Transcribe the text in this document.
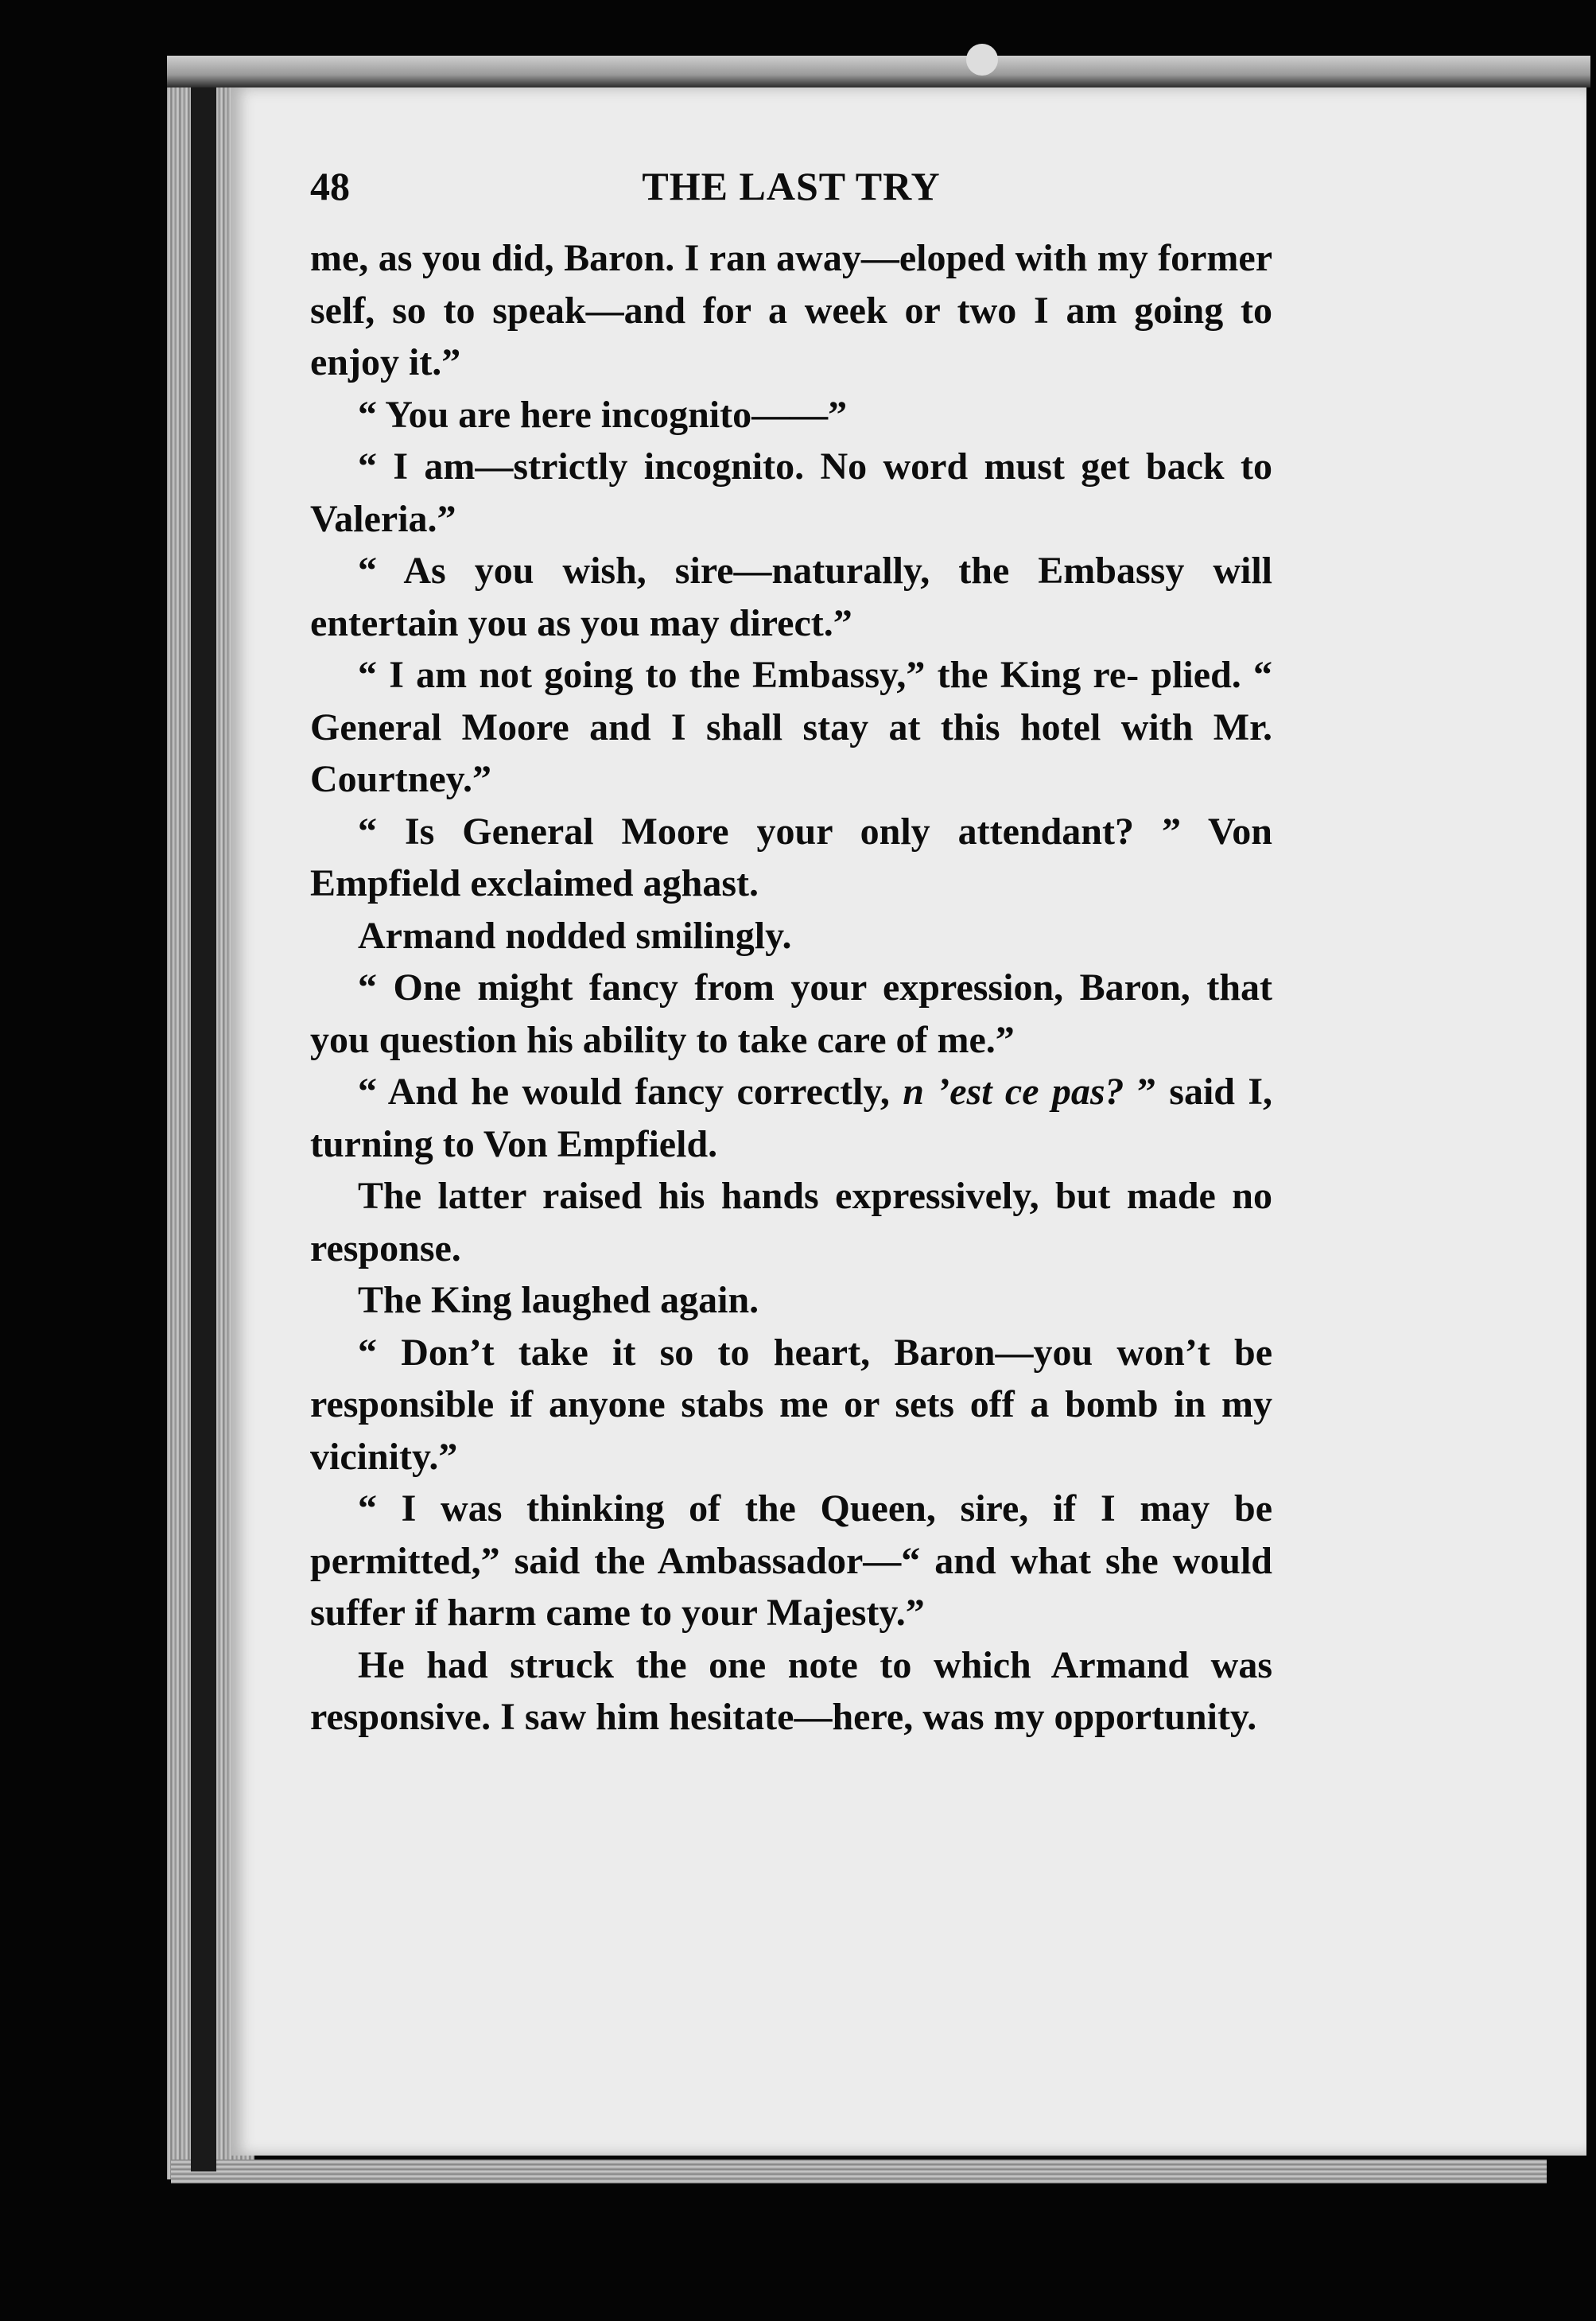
48	THE LAST TRY

me, as you did, Baron. I ran away—eloped with my former self, so to speak—and for a week or two I am going to enjoy it.”

“ You are here incognito——”

“ I am—strictly incognito. No word must get back to Valeria.”

“ As you wish, sire—naturally, the Embassy will entertain you as you may direct.”

“ I am not going to the Embassy,” the King re- plied. “ General Moore and I shall stay at this hotel with Mr. Courtney.”

“ Is General Moore your only attendant? ” Von Empfield exclaimed aghast.

Armand nodded smilingly.

“ One might fancy from your expression, Baron, that you question his ability to take care of me.”

“ And he would fancy correctly, n ’est ce pas? ” said I, turning to Von Empfield.

The latter raised his hands expressively, but made no response.

The King laughed again.

“ Don’t take it so to heart, Baron—you won’t be responsible if anyone stabs me or sets off a bomb in my vicinity.”

“ I was thinking of the Queen, sire, if I may be permitted,” said the Ambassador—“ and what she would suffer if harm came to your Majesty.”

He had struck the one note to which Armand was responsive. I saw him hesitate—here, was my opportunity.
